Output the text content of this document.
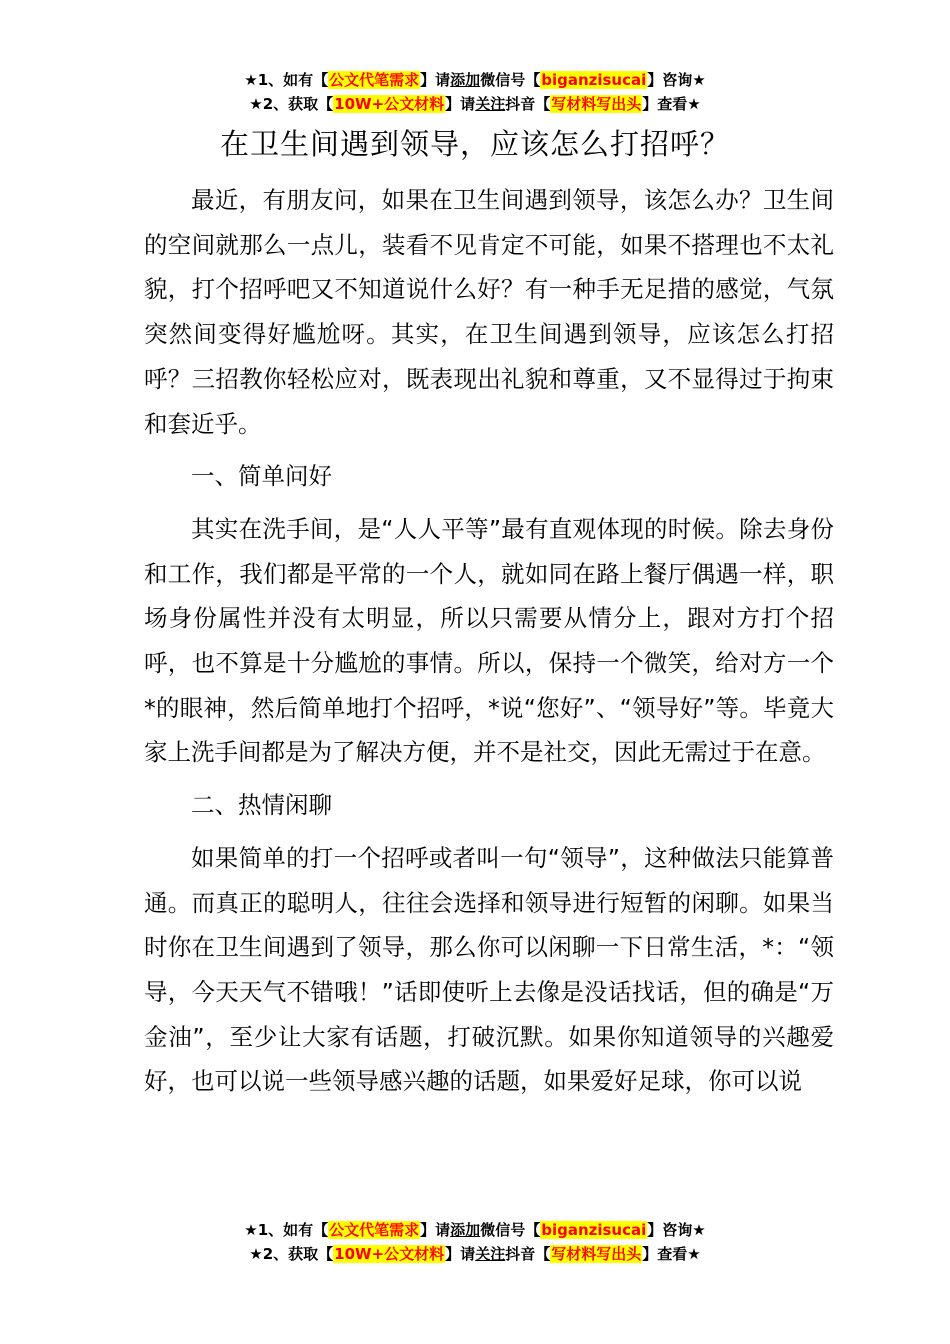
★1、如有【公文代笔需求】请添加微信号【biganzisucai】咨询★
★2、获取【10W+公文材料】请关注抖音【写材料写出头】查看★
在卫生间遇到领导，应该怎么打招呼？

最近，有朋友问，如果在卫生间遇到领导，该怎么办？卫生间的空间就那么一点儿，装看不见肯定不可能，如果不搭理也不太礼貌，打个招呼吧又不知道说什么好？有一种手无足措的感觉，气氛突然间变得好尴尬呀。其实，在卫生间遇到领导，应该怎么打招呼？三招教你轻松应对，既表现出礼貌和尊重，又不显得过于拘束和套近乎。

一、简单问好

其实在洗手间，是“人人平等”最有直观体现的时候。除去身份和工作，我们都是平常的一个人，就如同在路上餐厅偶遇一样，职场身份属性并没有太明显，所以只需要从情分上，跟对方打个招呼，也不算是十分尴尬的事情。所以，保持一个微笑，给对方一个*的眼神，然后简单地打个招呼，*说“您好”、“领导好”等。毕竟大家上洗手间都是为了解决方便，并不是社交，因此无需过于在意。

二、热情闲聊

如果简单的打一个招呼或者叫一句“领导”，这种做法只能算普通。而真正的聪明人，往往会选择和领导进行短暂的闲聊。如果当时你在卫生间遇到了领导，那么你可以闲聊一下日常生活，*：“领导，今天天气不错哦！”话即使听上去像是没话找话，但的确是“万金油”，至少让大家有话题，打破沉默。如果你知道领导的兴趣爱好，也可以说一些领导感兴趣的话题，如果爱好足球，你可以说

★1、如有【公文代笔需求】请添加微信号【biganzisucai】咨询★
★2、获取【10W+公文材料】请关注抖音【写材料写出头】查看★
